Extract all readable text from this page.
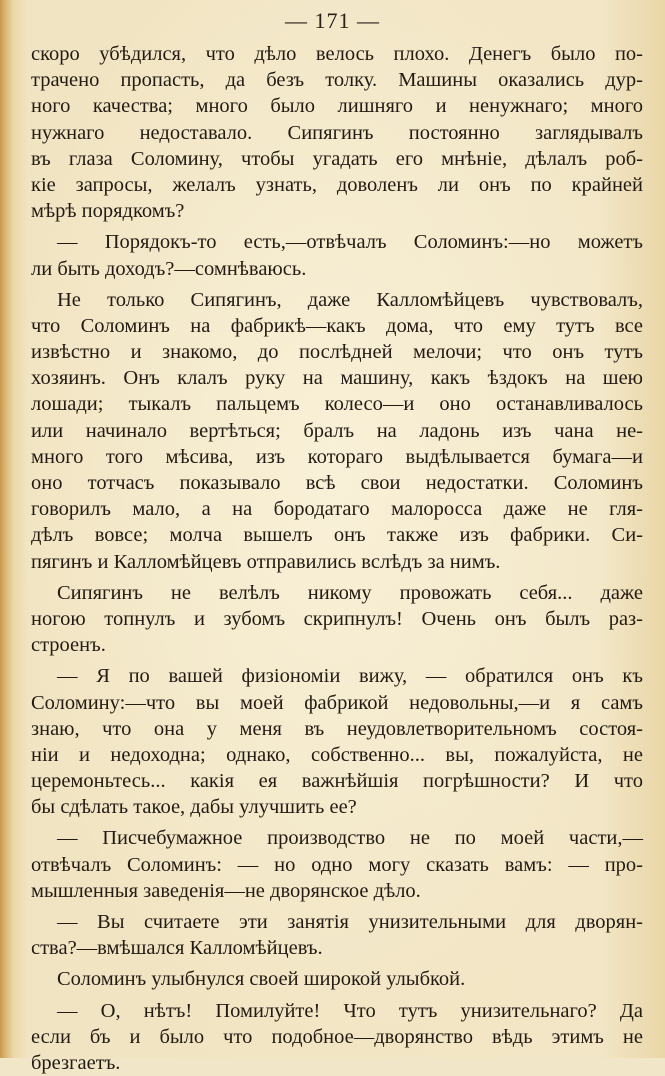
— 171 —
скоро убѣдился, что дѣло велось плохо. Денегъ было по-
трачено пропасть, да безъ толку. Машины оказались дур-
ного качества; много было лишняго и ненужнаго; много
нужнаго недоставало. Сипягинъ постоянно заглядывалъ
въ глаза Соломину, чтобы угадать его мнѣніе, дѣлалъ роб-
кіе запросы, желалъ узнать, доволенъ ли онъ по крайней
мѣрѣ порядкомъ?
— Порядокъ-то есть,—отвѣчалъ Соломинъ:—но можетъ
ли быть доходъ?—сомнѣваюсь.
Не только Сипягинъ, даже Калломѣйцевъ чувствовалъ,
что Соломинъ на фабрикѣ—какъ дома, что ему тутъ все
извѣстно и знакомо, до послѣдней мелочи; что онъ тутъ
хозяинъ. Онъ клалъ руку на машину, какъ ѣздокъ на шею
лошади; тыкалъ пальцемъ колесо—и оно останавливалось
или начинало вертѣться; бралъ на ладонь изъ чана не-
много того мѣсива, изъ котораго выдѣлывается бумага—и
оно тотчасъ показывало всѣ свои недостатки. Соломинъ
говорилъ мало, а на бородатаго малоросса даже не гля-
дѣлъ вовсе; молча вышелъ онъ также изъ фабрики. Си-
пягинъ и Калломѣйцевъ отправились вслѣдъ за нимъ.
Сипягинъ не велѣлъ никому провожать себя... даже
ногою топнулъ и зубомъ скрипнулъ! Очень онъ былъ раз-
строенъ.
— Я по вашей физіономіи вижу, — обратился онъ къ
Соломину:—что вы моей фабрикой недовольны,—и я самъ
знаю, что она у меня въ неудовлетворительномъ состоя-
ніи и недоходна; однако, собственно... вы, пожалуйста, не
церемоньтесь... какія ея важнѣйшія погрѣшности? И что
бы сдѣлать такое, дабы улучшить ее?
— Писчебумажное производство не по моей части,—
отвѣчалъ Соломинъ: — но одно могу сказать вамъ: — про-
мышленныя заведенія—не дворянское дѣло.
— Вы считаете эти занятія унизительными для дворян-
ства?—вмѣшался Калломѣйцевъ.
Соломинъ улыбнулся своей широкой улыбкой.
— О, нѣтъ! Помилуйте! Что тутъ унизительнаго? Да
если бъ и было что подобное—дворянство вѣдь этимъ не
брезгаетъ.
